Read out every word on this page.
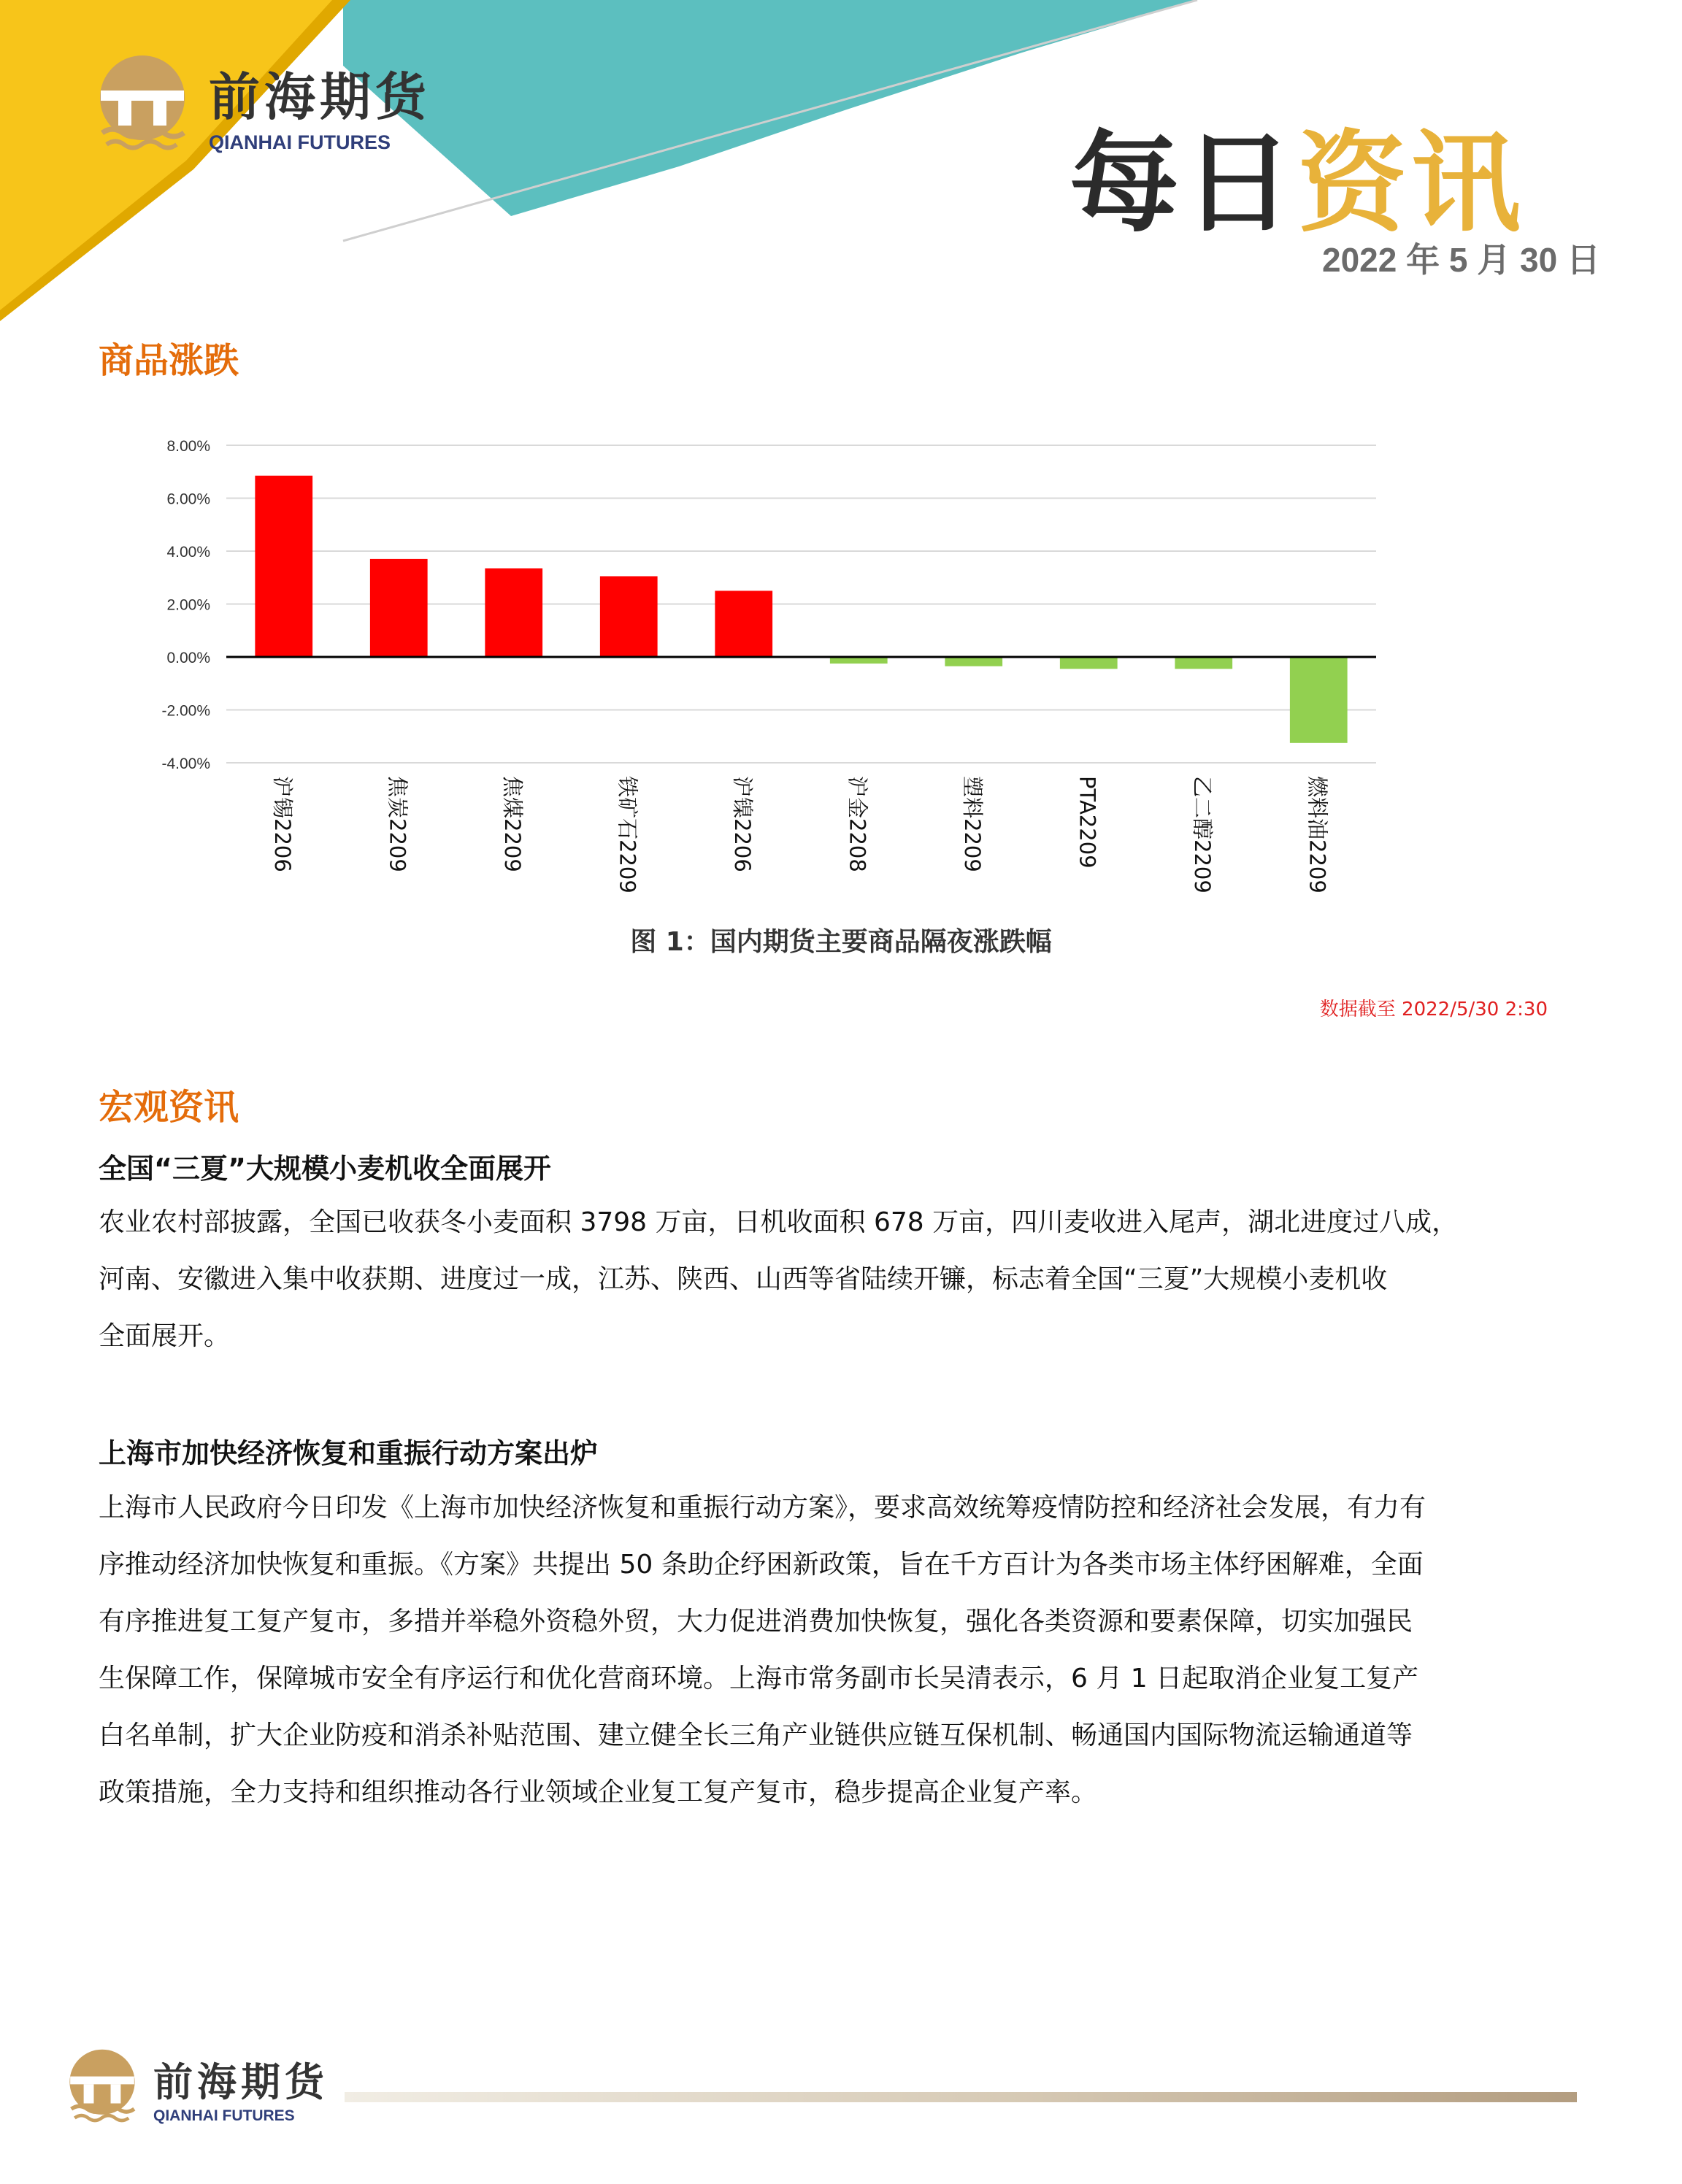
前海期货
QIANHAI FUTURES	每日资讯
2022 年 5 月 30 日
商品涨跌
8.00%
6.00%
4.00%
2.00%
0.00%
-2.00%
-4.00%
沪锡2206	焦炭2209	焦煤2209	铁矿石2209	沪镍2206	沪金2208	塑料2209	PTA2209	乙二醇2209	燃料油2209
图 1：国内期货主要商品隔夜涨跌幅
数据截至 2022/5/30 2:30
宏观资讯
全国“三夏”大规模小麦机收全面展开
农业农村部披露，全国已收获冬小麦面积 3798 万亩，日机收面积 678 万亩，四川麦收进入尾声，湖北进度过八成，
河南、安徽进入集中收获期、进度过一成，江苏、陕西、山西等省陆续开镰，标志着全国“三夏”大规模小麦机收
全面展开。
上海市加快经济恢复和重振行动方案出炉
上海市人民政府今日印发《上海市加快经济恢复和重振行动方案》，要求高效统筹疫情防控和经济社会发展，有力有
序推动经济加快恢复和重振。《方案》共提出 50 条助企纾困新政策，旨在千方百计为各类市场主体纾困解难，全面
有序推进复工复产复市，多措并举稳外资稳外贸，大力促进消费加快恢复，强化各类资源和要素保障，切实加强民
生保障工作，保障城市安全有序运行和优化营商环境。上海市常务副市长吴清表示，6 月 1 日起取消企业复工复产
白名单制，扩大企业防疫和消杀补贴范围、建立健全长三角产业链供应链互保机制、畅通国内国际物流运输通道等
政策措施，全力支持和组织推动各行业领域企业复工复产复市，稳步提高企业复产率。
前海期货
QIANHAI FUTURES
